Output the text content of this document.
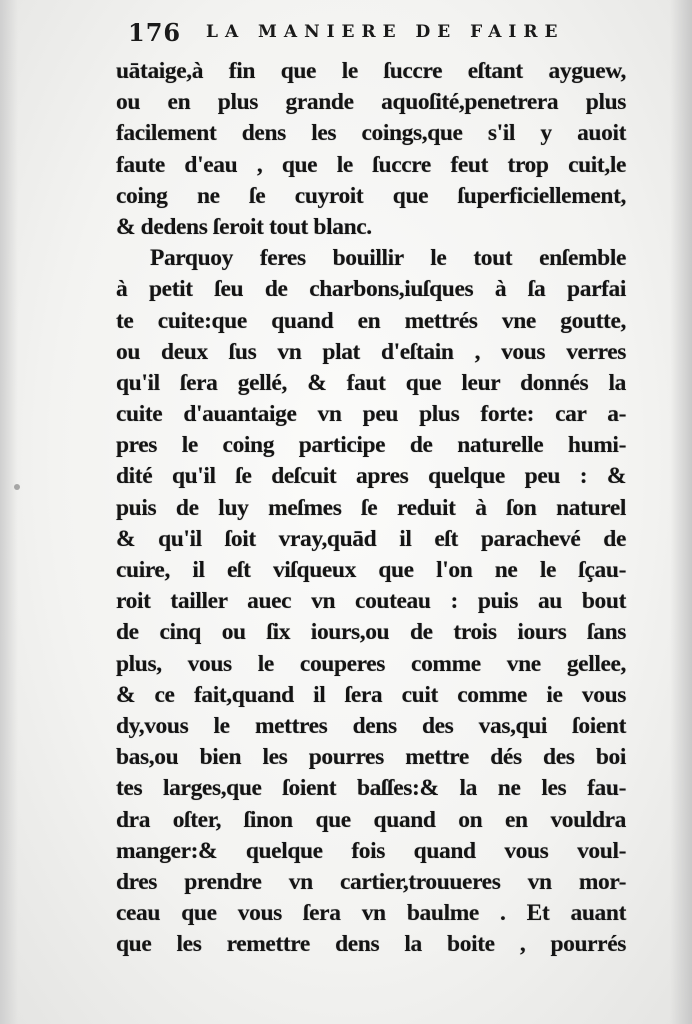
176 LA MANIERE DE FAIRE
uātaige,à fin que le ſuccre eſtant ayguew,
ou en plus grande aquoſité,penetrera plus
facilement dens les coings,que s'il y auoit
faute d'eau , que le ſuccre feut trop cuit,le
coing ne ſe cuyroit que ſuperficiellement,
& dedens ſeroit tout blanc.
Parquoy feres bouillir le tout enſemble
à petit ſeu de charbons,iuſques à ſa parfai
te cuite:que quand en mettrés vne goutte,
ou deux ſus vn plat d'eſtain , vous verres
qu'il ſera gellé, & faut que leur donnés la
cuite d'auantaige vn peu plus forte: car a-
pres le coing participe de naturelle humi-
dité qu'il ſe deſcuit apres quelque peu : &
puis de luy meſmes ſe reduit à ſon naturel
& qu'il ſoit vray,quād il eſt parachevé de
cuire, il eſt viſqueux que l'on ne le ſçau-
roit tailler auec vn couteau : puis au bout
de cinq ou ſix iours,ou de trois iours ſans
plus, vous le couperes comme vne gellee,
& ce fait,quand il ſera cuit comme ie vous
dy,vous le mettres dens des vas,qui ſoient
bas,ou bien les pourres mettre dés des boi
tes larges,que ſoient baſſes:& la ne les fau-
dra oſter, ſinon que quand on en vouldra
manger:& quelque fois quand vous voul-
dres prendre vn cartier,trouueres vn mor-
ceau que vous ſera vn baulme . Et auant
que les remettre dens la boite , pourrés
